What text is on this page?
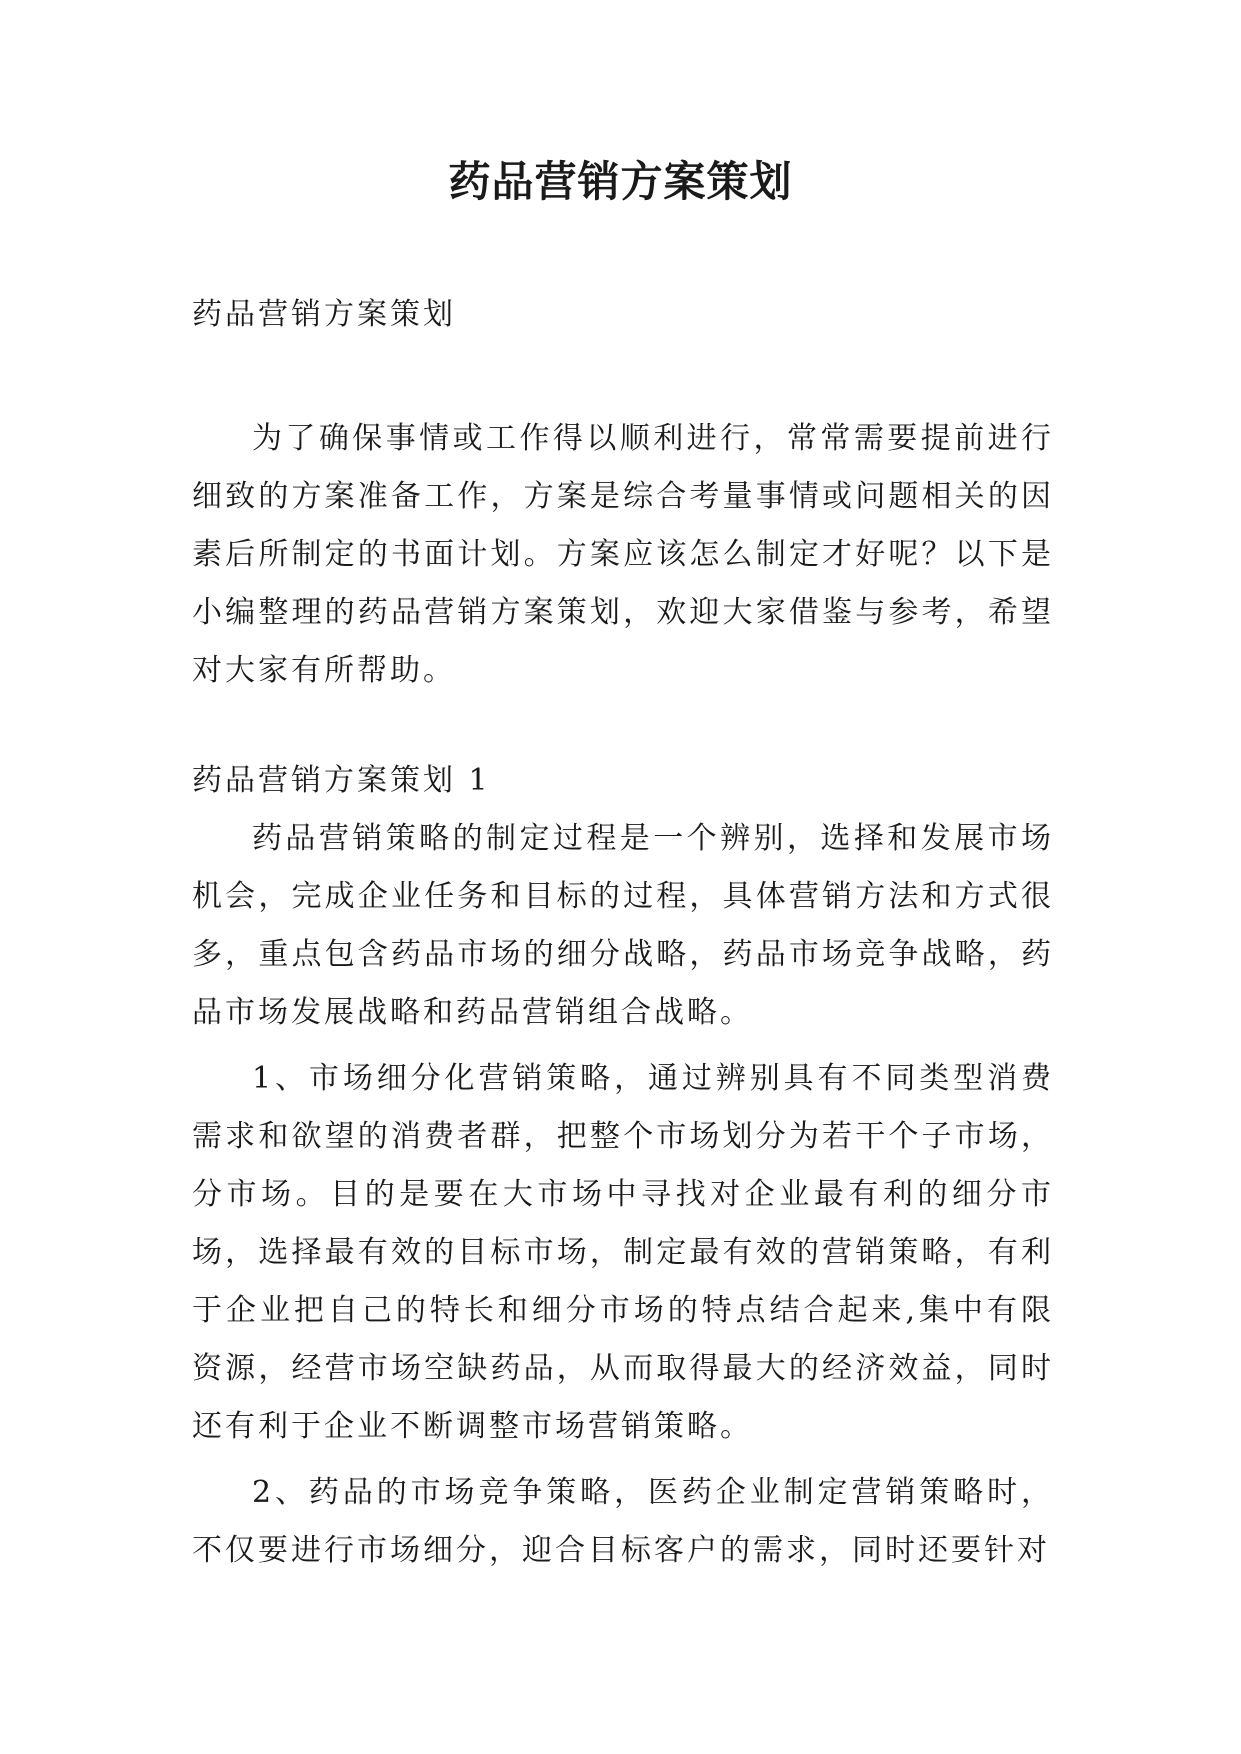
药品营销方案策划

药品营销方案策划

为了确保事情或工作得以顺利进行，常常需要提前进行细致的方案准备工作，方案是综合考量事情或问题相关的因素后所制定的书面计划。方案应该怎么制定才好呢？以下是小编整理的药品营销方案策划，欢迎大家借鉴与参考，希望对大家有所帮助。

药品营销方案策划 1

药品营销策略的制定过程是一个辨别，选择和发展市场机会，完成企业任务和目标的过程，具体营销方法和方式很多，重点包含药品市场的细分战略，药品市场竞争战略，药品市场发展战略和药品营销组合战略。

1、市场细分化营销策略，通过辨别具有不同类型消费需求和欲望的消费者群，把整个市场划分为若干个子市场，分市场。目的是要在大市场中寻找对企业最有利的细分市场，选择最有效的目标市场，制定最有效的营销策略，有利于企业把自己的特长和细分市场的特点结合起来,集中有限资源，经营市场空缺药品，从而取得最大的经济效益，同时还有利于企业不断调整市场营销策略。

2、药品的市场竞争策略，医药企业制定营销策略时，不仅要进行市场细分，迎合目标客户的需求，同时还要针对
